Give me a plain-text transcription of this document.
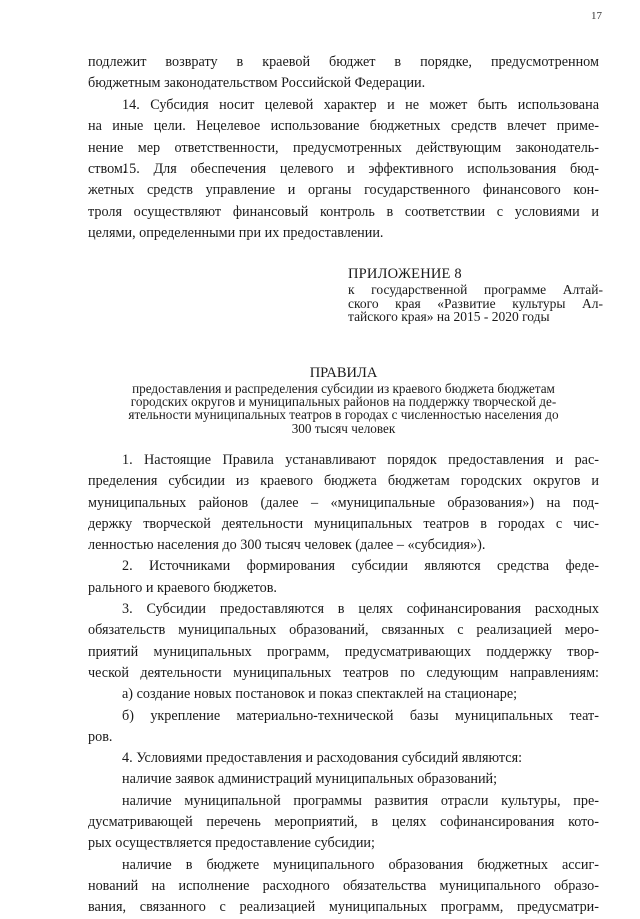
17
подлежит возврату в краевой бюджет в порядке, предусмотренном
бюджетным законодательством Российской Федерации.
14. Субсидия носит целевой характер и не может быть использована
на иные цели. Нецелевое использование бюджетных средств влечет приме-
нение мер ответственности, предусмотренных действующим законодатель-
ством.
15. Для обеспечения целевого и эффективного использования бюд-
жетных средств управление и органы государственного финансового кон-
троля осуществляют финансовый контроль в соответствии с условиями и
целями, определенными при их предоставлении.
ПРИЛОЖЕНИЕ 8
к государственной программе Алтай-
ского края «Развитие культуры Ал-
тайского края» на 2015 - 2020 годы
ПРАВИЛА
предоставления и распределения субсидии из краевого бюджета бюджетам
городских округов и муниципальных районов на поддержку творческой де-
ятельности муниципальных театров в городах с численностью населения до
300 тысяч человек

1. Настоящие Правила устанавливают порядок предоставления и рас-
пределения субсидии из краевого бюджета бюджетам городских округов и
муниципальных районов (далее – «муниципальные образования») на под-
держку творческой деятельности муниципальных театров в городах с чис-
ленностью населения до 300 тысяч человек (далее – «субсидия»).

2. Источниками формирования субсидии являются средства феде-
рального и краевого бюджетов.

3. Субсидии предоставляются в целях софинансирования расходных
обязательств муниципальных образований, связанных с реализацией меро-
приятий муниципальных программ, предусматривающих поддержку твор-
ческой деятельности муниципальных театров по следующим направлениям:

а) создание новых постановок и показ спектаклей на стационаре;

б) укрепление материально-технической базы муниципальных теат-
ров.

4. Условиями предоставления и расходования субсидий являются:

наличие заявок администраций муниципальных образований;

наличие муниципальной программы развития отрасли культуры, пре-
дусматривающей перечень мероприятий, в целях софинансирования кото-
рых осуществляется предоставление субсидии;

наличие в бюджете муниципального образования бюджетных ассиг-
нований на исполнение расходного обязательства муниципального образо-
вания, связанного с реализацией муниципальных программ, предусматри-
